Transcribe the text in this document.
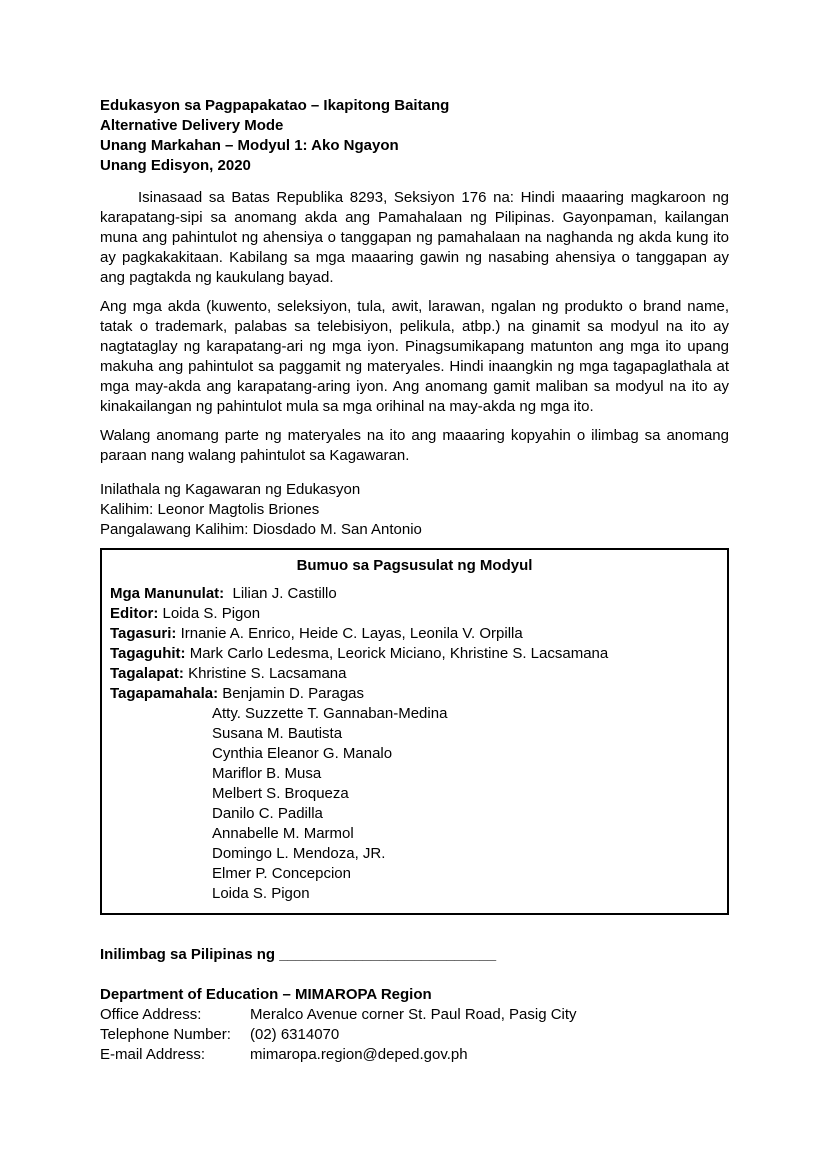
Edukasyon sa Pagpapakatao – Ikapitong Baitang
Alternative Delivery Mode
Unang Markahan – Modyul 1: Ako Ngayon
Unang Edisyon, 2020

Isinasaad sa Batas Republika 8293, Seksiyon 176 na: Hindi maaaring magkaroon ng karapatang-sipi sa anomang akda ang Pamahalaan ng Pilipinas. Gayonpaman, kailangan muna ang pahintulot ng ahensiya o tanggapan ng pamahalaan na naghanda ng akda kung ito ay pagkakakitaan. Kabilang sa mga maaaring gawin ng nasabing ahensiya o tanggapan ay ang pagtakda ng kaukulang bayad.

Ang mga akda (kuwento, seleksiyon, tula, awit, larawan, ngalan ng produkto o brand name, tatak o trademark, palabas sa telebisiyon, pelikula, atbp.) na ginamit sa modyul na ito ay nagtataglay ng karapatang-ari ng mga iyon. Pinagsumikapang matunton ang mga ito upang makuha ang pahintulot sa paggamit ng materyales. Hindi inaangkin ng mga tagapaglathala at mga may-akda ang karapatang-aring iyon. Ang anomang gamit maliban sa modyul na ito ay kinakailangan ng pahintulot mula sa mga orihinal na may-akda ng mga ito.

Walang anomang parte ng materyales na ito ang maaaring kopyahin o ilimbag sa anomang paraan nang walang pahintulot sa Kagawaran.

Inilathala ng Kagawaran ng Edukasyon
Kalihim: Leonor Magtolis Briones
Pangalawang Kalihim: Diosdado M. San Antonio
Bumuo sa Pagsusulat ng Modyul
Mga Manunulat:  Lilian J. Castillo
Editor: Loida S. Pigon
Tagasuri: Irnanie A. Enrico, Heide C. Layas, Leonila V. Orpilla
Tagaguhit: Mark Carlo Ledesma, Leorick Miciano, Khristine S. Lacsamana
Tagalapat: Khristine S. Lacsamana
Tagapamahala: Benjamin D. Paragas
Atty. Suzzette T. Gannaban-Medina
Susana M. Bautista
Cynthia Eleanor G. Manalo
Mariflor B. Musa
Melbert S. Broqueza
Danilo C. Padilla
Annabelle M. Marmol
Domingo L. Mendoza, JR.
Elmer P. Concepcion
Loida S. Pigon
Inilimbag sa Pilipinas ng __________________________
Department of Education – MIMAROPA Region
Office Address:	Meralco Avenue corner St. Paul Road, Pasig City
Telephone Number:	(02) 6314070
E-mail Address:	mimaropa.region@deped.gov.ph
